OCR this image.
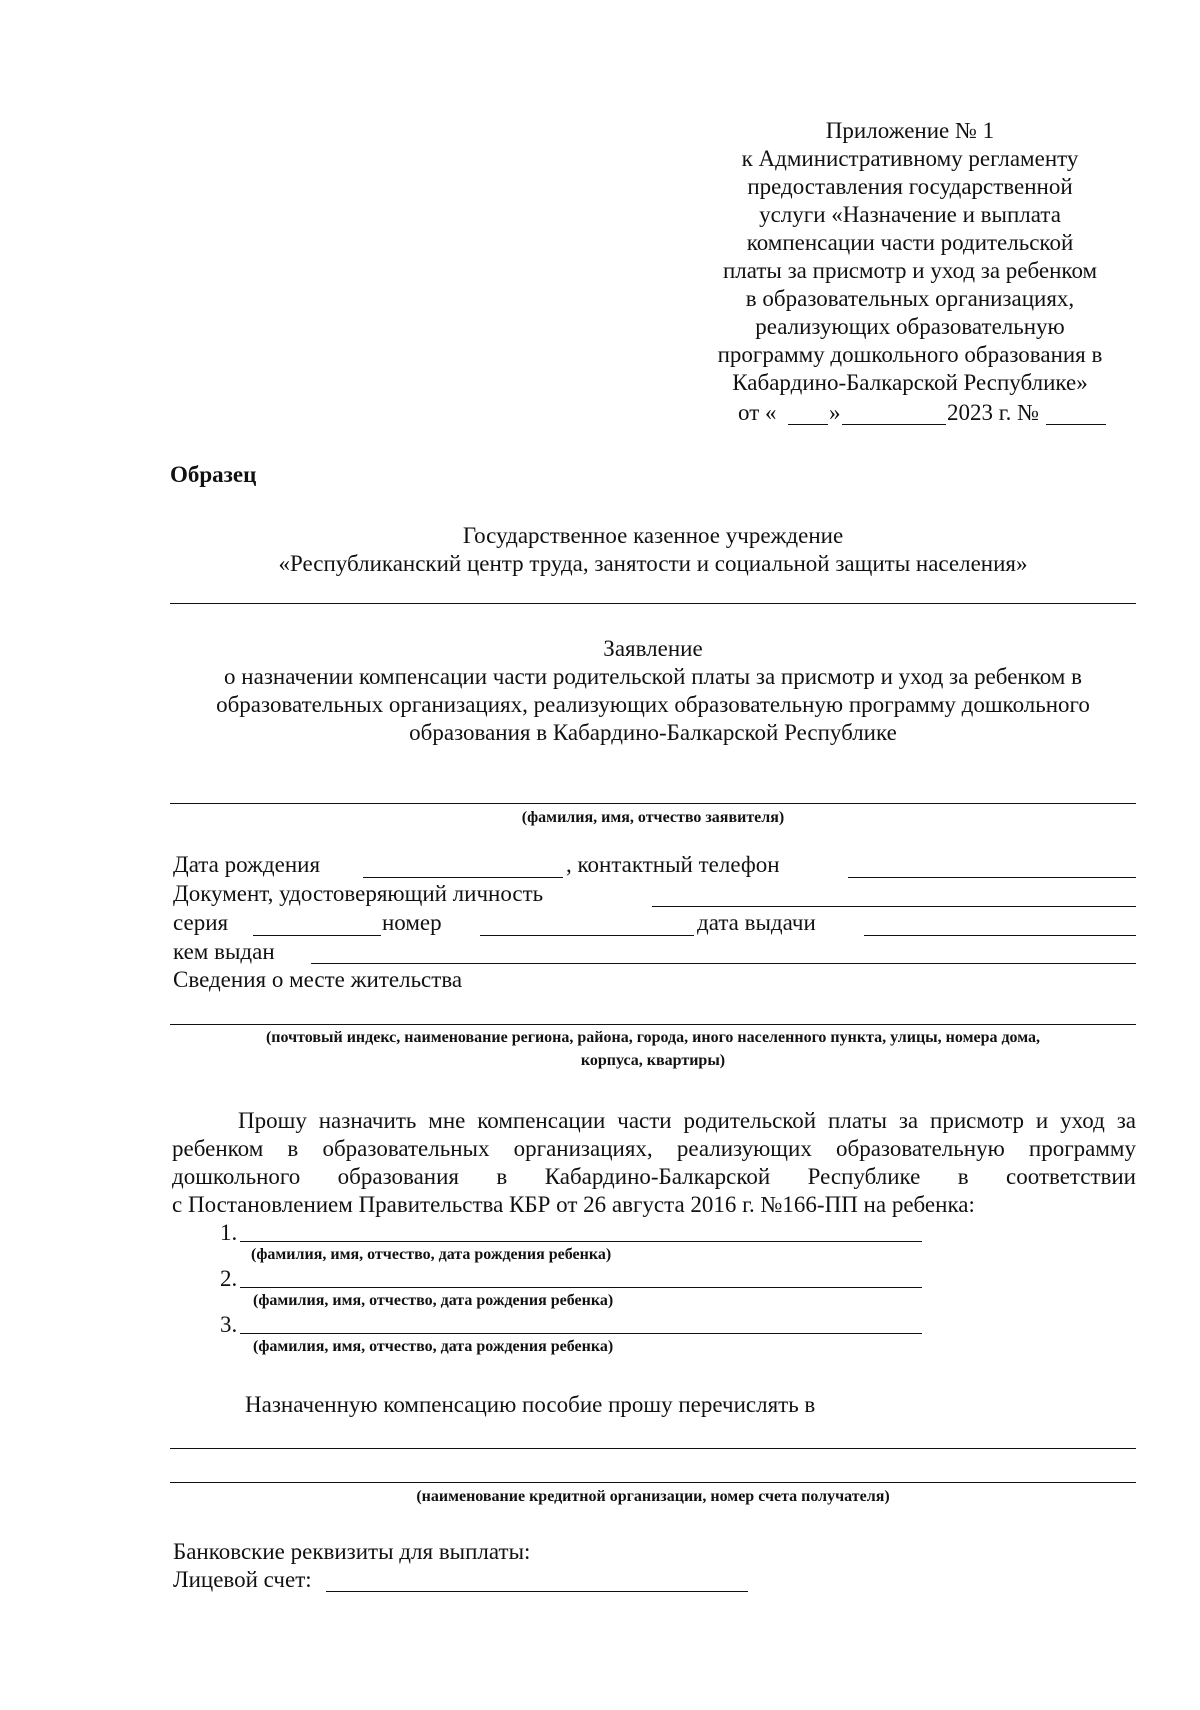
Приложение № 1
к Административному регламенту
предоставления государственной
услуги «Назначение и выплата
компенсации части родительской
платы за присмотр и уход за ребенком
в образовательных организациях,
реализующих образовательную
программу дошкольного образования в
Кабардино-Балкарской Республике»
от « »	2023 г. №
Образец
Государственное казенное учреждение
«Республиканский центр труда, занятости и социальной защиты населения»
Заявление
о назначении компенсации части родительской платы за присмотр и уход за ребенком в
образовательных организациях, реализующих образовательную программу дошкольного
образования в Кабардино-Балкарской Республике
(фамилия, имя, отчество заявителя)
Дата рождения	, контактный телефон
Документ, удостоверяющий личность
серия	номер	дата выдачи
кем выдан
Сведения о месте жительства
(почтовый индекс, наименование региона, района, города, иного населенного пункта, улицы, номера дома,
корпуса, квартиры)
Прошу назначить мне компенсации части родительской платы за присмотр и уход за
ребенком в образовательных организациях, реализующих образовательную программу
дошкольного образования в Кабардино-Балкарской Республике в соответствии
с Постановлением Правительства КБР от 26 августа 2016 г. №166-ПП на ребенка:
1.
(фамилия, имя, отчество, дата рождения ребенка)
2.
(фамилия, имя, отчество, дата рождения ребенка)
3.
(фамилия, имя, отчество, дата рождения ребенка)
Назначенную компенсацию пособие прошу перечислять в
(наименование кредитной организации, номер счета получателя)
Банковские реквизиты для выплаты:
Лицевой счет:
